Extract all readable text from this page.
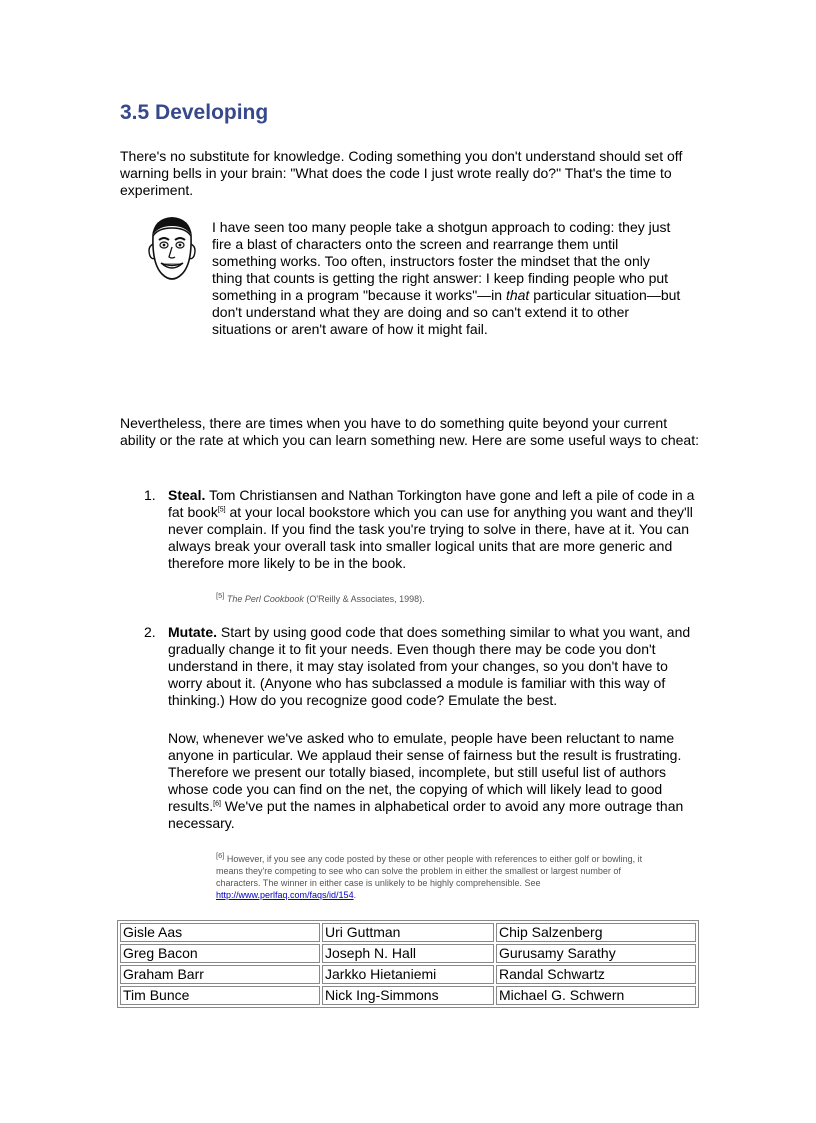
3.5 Developing

There's no substitute for knowledge. Coding something you don't understand should set off warning bells in your brain: "What does the code I just wrote really do?" That's the time to experiment.

I have seen too many people take a shotgun approach to coding: they just fire a blast of characters onto the screen and rearrange them until something works. Too often, instructors foster the mindset that the only thing that counts is getting the right answer: I keep finding people who put something in a program "because it works"—in that particular situation—but don't understand what they are doing and so can't extend it to other situations or aren't aware of how it might fail.

Nevertheless, there are times when you have to do something quite beyond your current ability or the rate at which you can learn something new. Here are some useful ways to cheat:

1. Steal. Tom Christiansen and Nathan Torkington have gone and left a pile of code in a fat book[5] at your local bookstore which you can use for anything you want and they'll never complain. If you find the task you're trying to solve in there, have at it. You can always break your overall task into smaller logical units that are more generic and therefore more likely to be in the book.

[5] The Perl Cookbook (O'Reilly & Associates, 1998).

2. Mutate. Start by using good code that does something similar to what you want, and gradually change it to fit your needs. Even though there may be code you don't understand in there, it may stay isolated from your changes, so you don't have to worry about it. (Anyone who has subclassed a module is familiar with this way of thinking.) How do you recognize good code? Emulate the best.

Now, whenever we've asked who to emulate, people have been reluctant to name anyone in particular. We applaud their sense of fairness but the result is frustrating. Therefore we present our totally biased, incomplete, but still useful list of authors whose code you can find on the net, the copying of which will likely lead to good results.[6] We've put the names in alphabetical order to avoid any more outrage than necessary.

[6] However, if you see any code posted by these or other people with references to either golf or bowling, it means they're competing to see who can solve the problem in either the smallest or largest number of characters. The winner in either case is unlikely to be highly comprehensible. See http://www.perlfaq.com/faqs/id/154.

Gisle Aas	Uri Guttman	Chip Salzenberg
Greg Bacon	Joseph N. Hall	Gurusamy Sarathy
Graham Barr	Jarkko Hietaniemi	Randal Schwartz
Tim Bunce	Nick Ing-Simmons	Michael G. Schwern
